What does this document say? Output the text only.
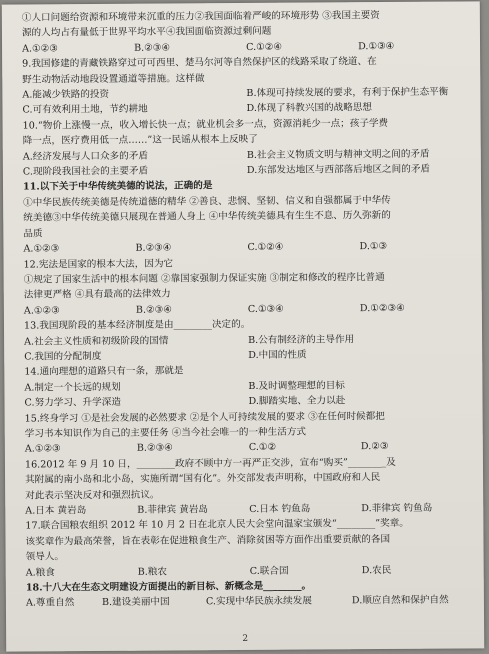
①人口问题给资源和环境带来沉重的压力②我国面临着严峻的环境形势 ③我国主要资
源的人均占有量低于世界平均水平④我国面临资源过剩问题
A.①②③	B.②③④	C.①②④	D.①③④
9.我国修建的青藏铁路穿过可可西里、楚马尔河等自然保护区的线路采取了绕道、在
野生动物活动地段设置通道等措施。这样做
A.能减少铁路的投资	B.体现可持续发展的要求，有利于保护生态平衡
C.可有效利用土地，节约耕地	D.体现了科教兴国的战略思想
10.“物价上涨慢一点，收入增长快一点；就业机会多一点，资源消耗少一点；孩子学费
降一点，医疗费用低一点……”这一民谣从根本上反映了
A.经济发展与人口众多的矛盾	B.社会主义物质文明与精神文明之间的矛盾
C.现阶段我国社会的主要矛盾	D.东部发达地区与西部落后地区之间的矛盾
11.以下关于中华传统美德的说法，正确的是
①中华民族传统美德是传统道德的精华 ②善良、悲悯、坚韧、信义和自强都属于中华传
统美德③中华传统美德只展现在普通人身上 ④中华传统美德具有生生不息、历久弥新的
品质
A.①②③	B.②③④	C.①②④	D.①③
12.宪法是国家的根本大法，因为它
①规定了国家生活中的根本问题 ②靠国家强制力保证实施 ③制定和修改的程序比普通
法律更严格 ④具有最高的法律效力
A.①②③	B.②③④	C.①③④	D.①②③④
13.我国现阶段的基本经济制度是由________决定的。
A.社会主义性质和初级阶段的国情	B.公有制经济的主导作用
C.我国的分配制度	D.中国的性质
14.通向理想的道路只有一条，那就是
A.制定一个长远的规划	B.及时调整理想的目标
C.努力学习、升学深造	D.脚踏实地、全力以赴
15.终身学习 ①是社会发展的必然要求 ②是个人可持续发展的要求 ③在任何时候都把
学习书本知识作为自己的主要任务 ④当今社会唯一的一种生活方式
A.①②③	B.②③④	C.①②	D.②③
16.2012 年 9 月 10 日，________政府不顾中方一再严正交涉，宣布“购买”________及
其附属的南小岛和北小岛，实施所谓“国有化”。外交部发表声明称，中国政府和人民
对此表示坚决反对和强烈抗议。
A.日本 黄岩岛	B.菲律宾 黄岩岛	C.日本 钓鱼岛	D.菲律宾 钓鱼岛
17.联合国粮农组织 2012 年 10 月 2 日在北京人民大会堂向温家宝颁发“________”奖章。
该奖章作为最高荣誉，旨在表彰在促进粮食生产、消除贫困等方面作出重要贡献的各国
领导人。
A.粮食	B.粮农	C.联合国	D.农民
18.十八大在生态文明建设方面提出的新目标、新概念是________。
A.尊重自然	B.建设美丽中国	C.实现中华民族永续发展	D.顺应自然和保护自然
2
